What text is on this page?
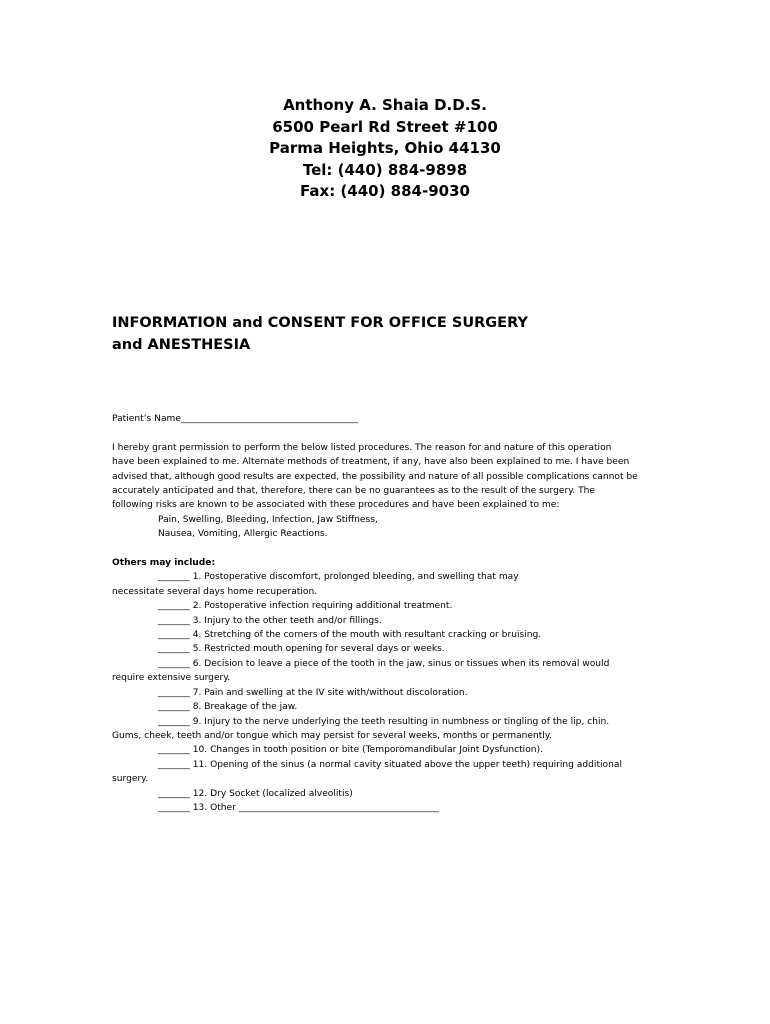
Anthony A. Shaia D.D.S.
6500 Pearl Rd Street #100
Parma Heights, Ohio 44130
Tel: (440) 884-9898
Fax: (440) 884-9030
INFORMATION and CONSENT FOR OFFICE SURGERY
and ANESTHESIA

Patient’s Name_______________________________________

I hereby grant permission to perform the below listed procedures. The reason for and nature of this operation

have been explained to me. Alternate methods of treatment, if any, have also been explained to me. I have been

advised that, although good results are expected, the possibility and nature of all possible complications cannot be

accurately anticipated and that, therefore, there can be no guarantees as to the result of the surgery. The

following risks are known to be associated with these procedures and have been explained to me:

Pain, Swelling, Bleeding, Infection, Jaw Stiffness,

Nausea, Vomiting, Allergic Reactions.

Others may include:

_______ 1. Postoperative discomfort, prolonged bleeding, and swelling that may

necessitate several days home recuperation.

_______ 2. Postoperative infection requiring additional treatment.

_______ 3. Injury to the other teeth and/or fillings.

_______ 4. Stretching of the corners of the mouth with resultant cracking or bruising.

_______ 5. Restricted mouth opening for several days or weeks.

_______ 6. Decision to leave a piece of the tooth in the jaw, sinus or tissues when its removal would

require extensive surgery.

_______ 7. Pain and swelling at the IV site with/without discoloration.

_______ 8. Breakage of the jaw.

_______ 9. Injury to the nerve underlying the teeth resulting in numbness or tingling of the lip, chin.

Gums, cheek, teeth and/or tongue which may persist for several weeks, months or permanently.

_______ 10. Changes in tooth position or bite (Temporomandibular Joint Dysfunction).

_______ 11. Opening of the sinus (a normal cavity situated above the upper teeth) requiring additional

surgery.

_______ 12. Dry Socket (localized alveolitis)

_______ 13. Other ____________________________________________
